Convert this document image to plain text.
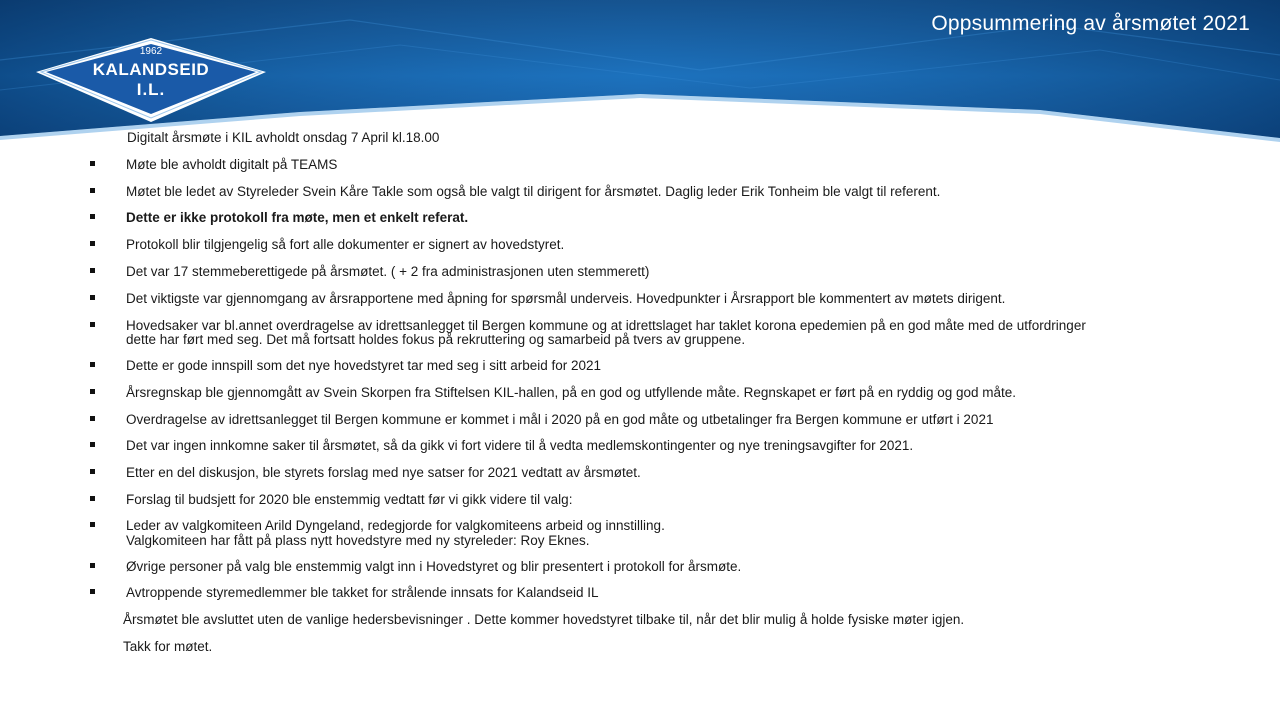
Oppsummering av årsmøtet 2021
1962
KALANDSEID
I.L.
Digitalt årsmøte i KIL avholdt onsdag 7 April kl.18.00
Møte ble avholdt digitalt på TEAMS
Møtet ble ledet av Styreleder Svein Kåre Takle som også ble valgt til dirigent for årsmøtet. Daglig leder Erik Tonheim ble valgt til referent.
Dette er ikke protokoll fra møte, men et enkelt referat.
Protokoll blir tilgjengelig så fort alle dokumenter er signert av hovedstyret.
Det var 17 stemmeberettigede på årsmøtet. ( + 2 fra administrasjonen uten stemmerett)
Det viktigste var gjennomgang av årsrapportene med åpning for spørsmål underveis. Hovedpunkter i Årsrapport ble kommentert av møtets dirigent.
Hovedsaker var bl.annet overdragelse av idrettsanlegget til Bergen kommune og at idrettslaget har taklet korona epedemien på en god måte med de utfordringer
dette har ført med seg. Det må fortsatt holdes fokus på rekruttering og samarbeid på tvers av gruppene.
Dette er gode innspill som det nye hovedstyret tar med seg i sitt arbeid for 2021
Årsregnskap ble gjennomgått av Svein Skorpen fra Stiftelsen KIL-hallen, på en god og utfyllende måte. Regnskapet er ført på en ryddig og god måte.
Overdragelse av idrettsanlegget til Bergen kommune er kommet i mål i 2020 på en god måte og utbetalinger fra Bergen kommune er utført i 2021
Det var ingen innkomne saker til årsmøtet, så da gikk vi fort videre til å vedta medlemskontingenter og nye treningsavgifter for 2021.
Etter en del diskusjon, ble styrets forslag med nye satser for 2021 vedtatt av årsmøtet.
Forslag til budsjett for 2020 ble enstemmig vedtatt før vi gikk videre til valg:
Leder av valgkomiteen Arild Dyngeland, redegjorde for valgkomiteens arbeid og innstilling.
Valgkomiteen har fått på plass nytt hovedstyre med ny styreleder: Roy Eknes.
Øvrige personer på valg ble enstemmig valgt inn i Hovedstyret og blir presentert i protokoll for årsmøte.
Avtroppende styremedlemmer ble takket for strålende innsats for Kalandseid IL
Årsmøtet ble avsluttet uten de vanlige hedersbevisninger . Dette kommer hovedstyret tilbake til, når det blir mulig å holde fysiske møter igjen.
Takk for møtet.
